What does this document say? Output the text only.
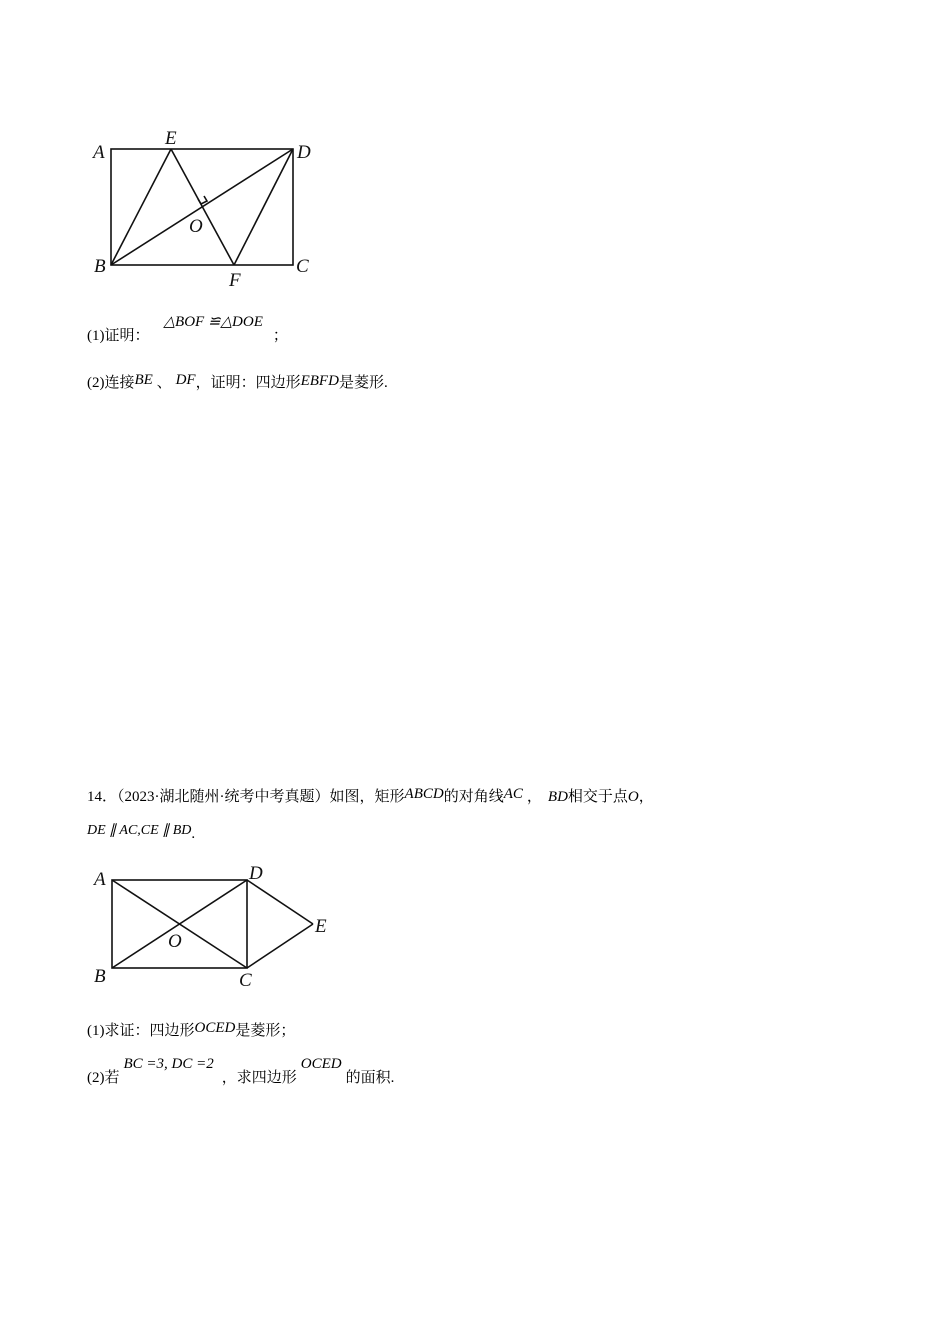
A
E
D
O
B	C
F
(1)证明：△BOF ≌△DOE；
(2)连接BE 、 DF，证明：四边形EBFD是菱形.
14．（2023·湖北随州·统考中考真题）如图，矩形ABCD的对角线AC ， BD相交于点O，
DE ∥ AC,CE ∥ BD.
A	D
E
O
B	C
(1)求证：四边形OCED是菱形；
(2)若BC =3, DC =2，求四边形OCED的面积.
